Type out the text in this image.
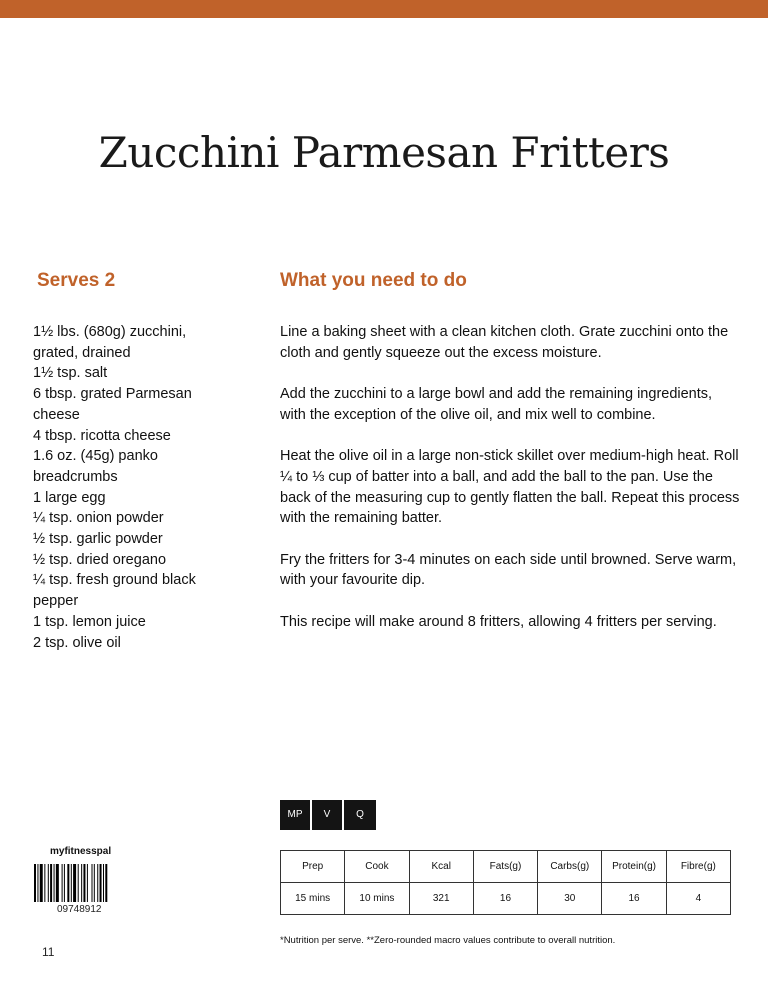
Zucchini Parmesan Fritters
Serves 2
1½ lbs. (680g) zucchini, grated, drained
1½ tsp. salt
6 tbsp. grated Parmesan cheese
4 tbsp. ricotta cheese
1.6 oz. (45g) panko breadcrumbs
1 large egg
¼ tsp. onion powder
½ tsp. garlic powder
½ tsp. dried oregano
¼ tsp. fresh ground black pepper
1 tsp. lemon juice
2 tsp. olive oil
What you need to do

Line a baking sheet with a clean kitchen cloth. Grate zucchini onto the cloth and gently squeeze out the excess moisture.

Add the zucchini to a large bowl and add the remaining ingredients, with the exception of the olive oil, and mix well to combine.

Heat the olive oil in a large non-stick skillet over medium-high heat. Roll ¼ to ⅓ cup of batter into a ball, and add the ball to the pan. Use the back of the measuring cup to gently flatten the ball. Repeat this process with the remaining batter.

Fry the fritters for 3-4 minutes on each side until browned. Serve warm, with your favourite dip.

This recipe will make around 8 fritters, allowing 4 fritters per serving.

MP	V	Q
myfitnesspal
09748912
Prep	Cook	Kcal	Fats(g)	Carbs(g)	Protein(g)	Fibre(g)
15 mins	10 mins	321	16	30	16	4
*Nutrition per serve. **Zero-rounded macro values contribute to overall nutrition.
11
